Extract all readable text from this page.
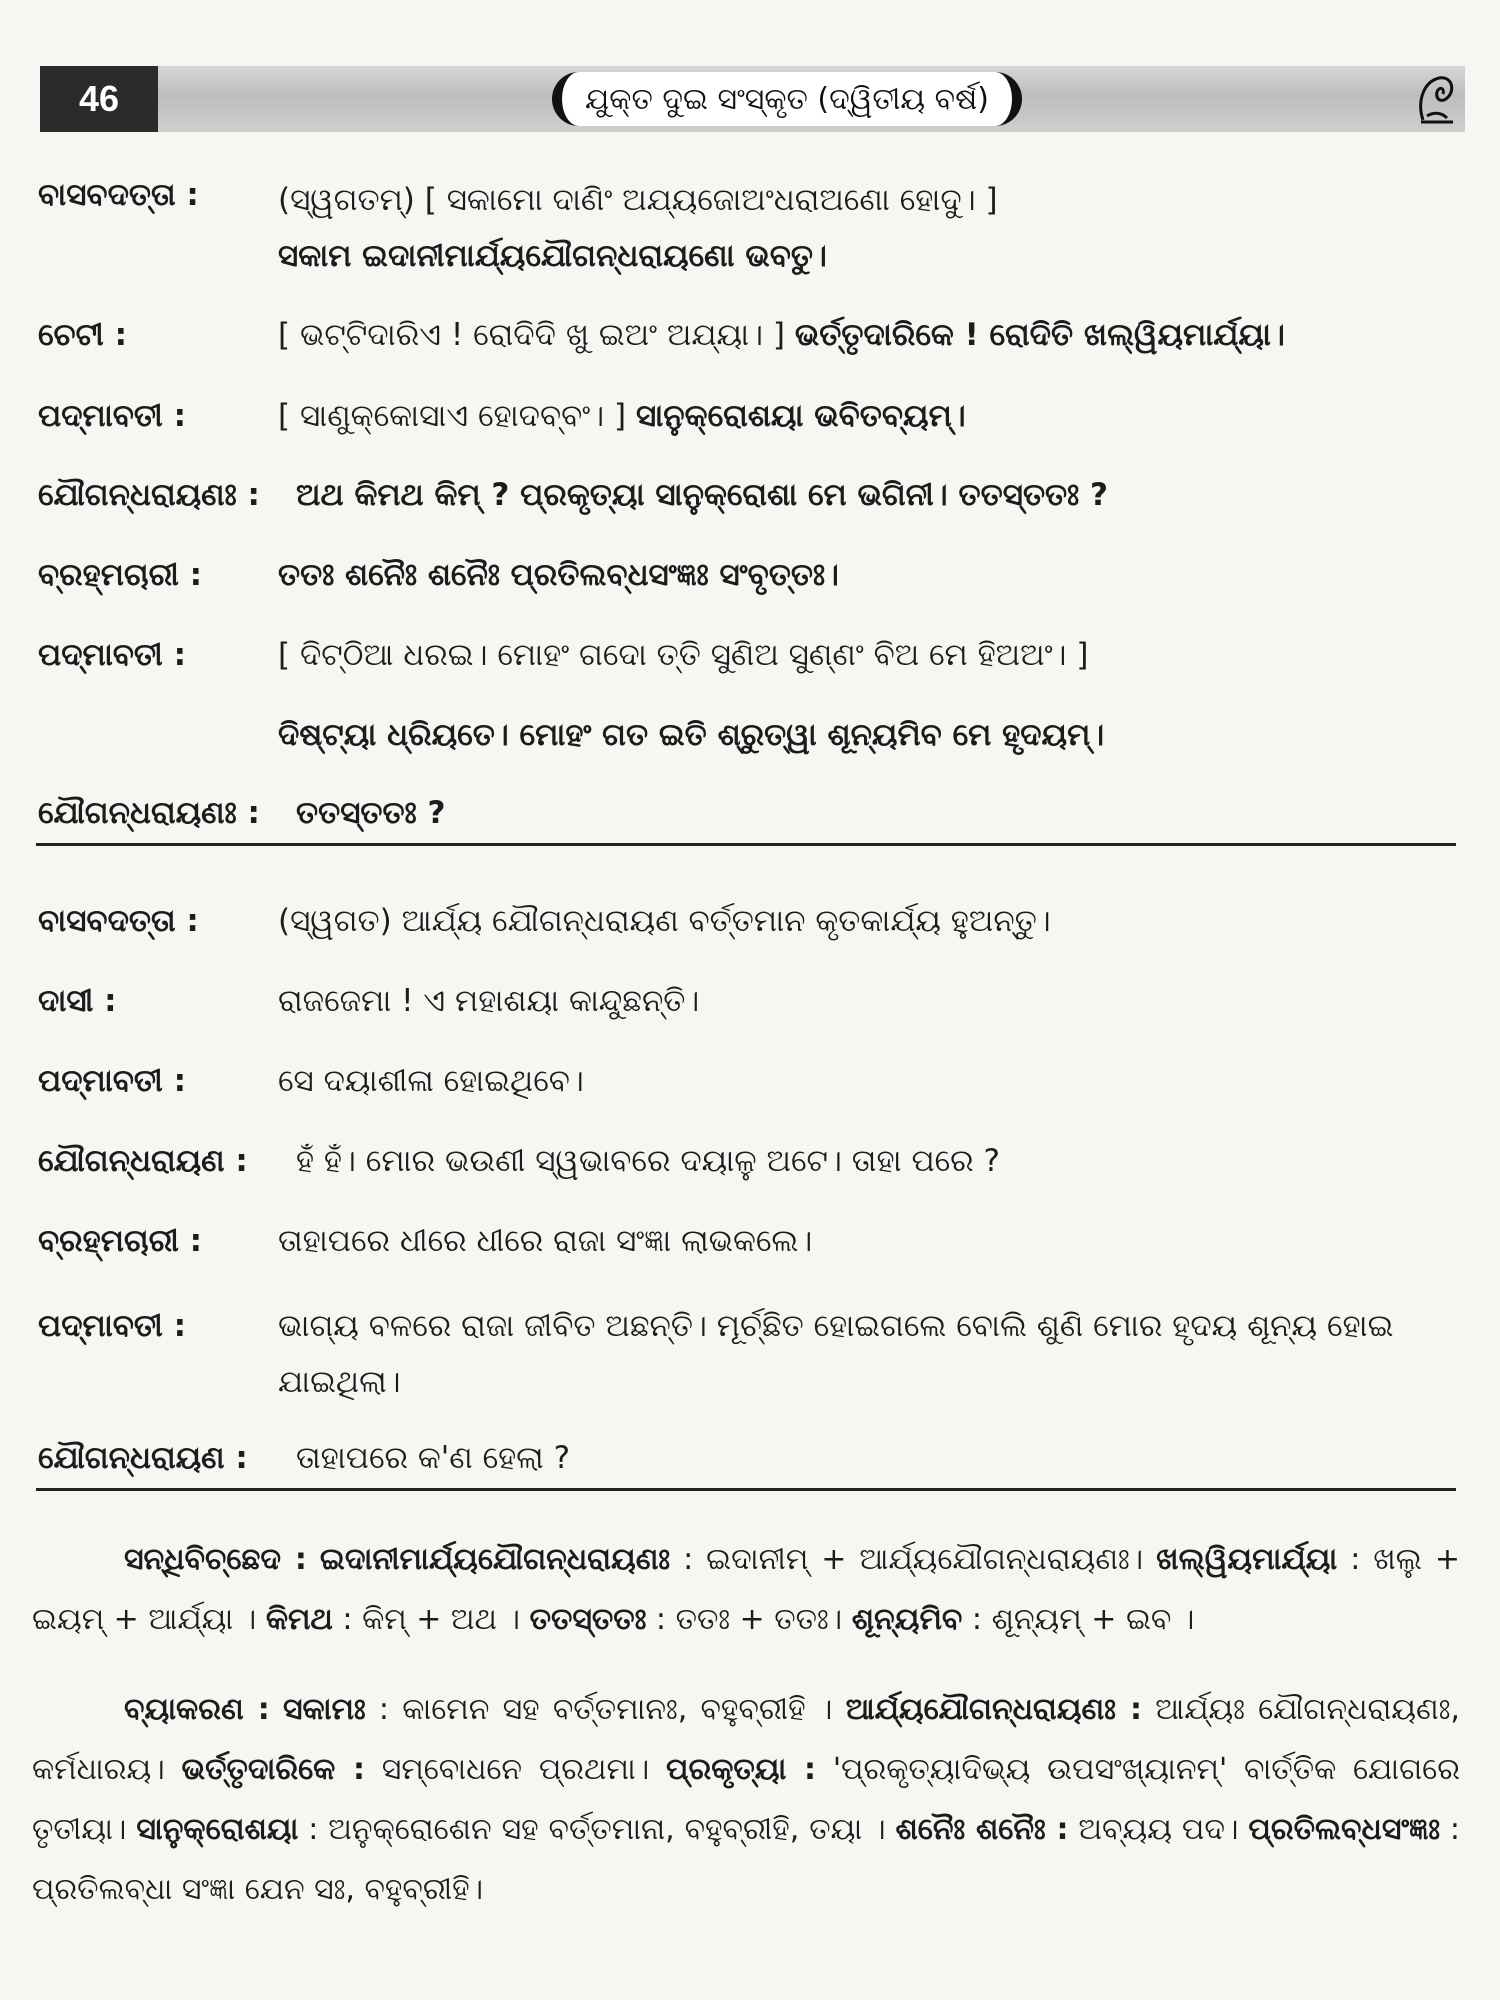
46	ଯୁକ୍ତ ଦୁଇ ସଂସ୍କୃତ (ଦ୍ୱିତୀୟ ବର୍ଷ)
ବାସବଦତ୍ତା :	(ସ୍ୱଗତମ୍) [ ସକାମୋ ଦାଣିଂ ଅଯ୍ୟଜୋଅଂଧରାଅଣୋ ହୋଦୁ। ]
ସକାମ ଇଦାନୀମାର୍ଯ୍ୟଯୌଗନ୍ଧରାୟଣୋ ଭବତୁ।
ଚେଟୀ :	[ ଭଟ୍ଟିଦାରିଏ ! ରୋଦିଦି ଖୁ ଇଅଂ ଅଯ୍ୟା। ] ଭର୍ତ୍ତୃଦାରିକେ ! ରୋଦିତି ଖଲ୍ୱିୟମାର୍ଯ୍ୟା।
ପଦ୍ମାବତୀ :	[ ସାଣୁକ୍‌କୋସାଏ ହୋଦବ୍‌ବଂ। ] ସାନୁକ୍ରୋଶୟା ଭବିତବ୍ୟମ୍।
ଯୌଗନ୍ଧରାୟଣଃ : ଅଥ କିମଥ କିମ୍ ? ପ୍ରକୃତ୍ୟା ସାନୁକ୍ରୋଶା ମେ ଭଗିନୀ। ତତସ୍ତତଃ ?
ବ୍ରହ୍ମଚାରୀ : ତତଃ ଶନୈଃ ଶନୈଃ ପ୍ରତିଲବ୍ଧସଂଜ୍ଞଃ ସଂବୃତ୍ତଃ।
ପଦ୍ମାବତୀ :	[ ଦିଟ୍‌ଠିଆ ଧରଇ। ମୋହଂ ଗଦୋ ତ୍ତି ସୁଣିଅ ସୁଣ୍ଣଂ ବିଅ ମେ ହିଅଅଂ। ]
ଦିଷ୍ଟ୍ୟା ଧ୍ରିୟତେ। ମୋହଂ ଗତ ଇତି ଶ୍ରୁତ୍ୱା ଶୂନ୍ୟମିବ ମେ ହୃଦୟମ୍।
ଯୌଗନ୍ଧରାୟଣଃ : ତତସ୍ତତଃ ?
ବାସବଦତ୍ତା :	(ସ୍ୱଗତ) ଆର୍ଯ୍ୟ ଯୌଗନ୍ଧରାୟଣ ବର୍ତ୍ତମାନ କୃତକାର୍ଯ୍ୟ ହୁଅନ୍ତୁ।
ଦାସୀ :	ରାଜଜେମା ! ଏ ମହାଶୟା କାନ୍ଦୁଛନ୍ତି।
ପଦ୍ମାବତୀ :	ସେ ଦୟାଶୀଳା ହୋଇଥିବେ।
ଯୌଗନ୍ଧରାୟଣ : ହଁ ହଁ। ମୋର ଭଉଣୀ ସ୍ୱଭାବରେ ଦୟାଳୁ ଅଟେ। ତାହା ପରେ ?
ବ୍ରହ୍ମଚାରୀ : ତାହାପରେ ଧୀରେ ଧୀରେ ରାଜା ସଂଜ୍ଞା ଲାଭକଲେ।
ପଦ୍ମାବତୀ :	ଭାଗ୍ୟ ବଳରେ ରାଜା ଜୀବିତ ଅଛନ୍ତି। ମୂର୍ଚ୍ଛିତ ହୋଇଗଲେ ବୋଲି ଶୁଣି ମୋର ହୃଦୟ ଶୂନ୍ୟ ହୋଇ ଯାଇଥିଲା।
ଯୌଗନ୍ଧରାୟଣ : ତାହାପରେ କ'ଣ ହେଲା ?
ସନ୍ଧିବିଚ୍ଛେଦ : ଇଦାନୀମାର୍ଯ୍ୟଯୌଗନ୍ଧରାୟଣଃ : ଇଦାନୀମ୍ + ଆର୍ଯ୍ୟଯୌଗନ୍ଧରାୟଣଃ। ଖଲ୍ୱିୟମାର୍ଯ୍ୟା : ଖଲୁ + ଇୟମ୍ + ଆର୍ଯ୍ୟା । କିମଥ : କିମ୍ + ଅଥ । ତତସ୍ତତଃ : ତତଃ + ତତଃ। ଶୂନ୍ୟମିବ : ଶୂନ୍ୟମ୍ + ଇବ ।
ବ୍ୟାକରଣ : ସକାମଃ : କାମେନ ସହ ବର୍ତ୍ତମାନଃ, ବହୁବ୍ରୀହି । ଆର୍ଯ୍ୟଯୌଗନ୍ଧରାୟଣଃ : ଆର୍ଯ୍ୟଃ ଯୌଗନ୍ଧରାୟଣଃ, କର୍ମଧାରୟ। ଭର୍ତ୍ତୃଦାରିକେ : ସମ୍ବୋଧନେ ପ୍ରଥମା। ପ୍ରକୃତ୍ୟା : 'ପ୍ରକୃତ୍ୟାଦିଭ୍ୟ ଉପସଂଖ୍ୟାନମ୍' ବାର୍ତ୍ତିକ ଯୋଗରେ ତୃତୀୟା। ସାନୁକ୍ରୋଶୟା : ଅନୁକ୍ରୋଶେନ ସହ ବର୍ତ୍ତମାନା, ବହୁବ୍ରୀହି, ତୟା । ଶନୈଃ ଶନୈଃ : ଅବ୍ୟୟ ପଦ। ପ୍ରତିଲବ୍ଧସଂଜ୍ଞଃ : ପ୍ରତିଲବ୍ଧା ସଂଜ୍ଞା ଯେନ ସଃ, ବହୁବ୍ରୀହି।
